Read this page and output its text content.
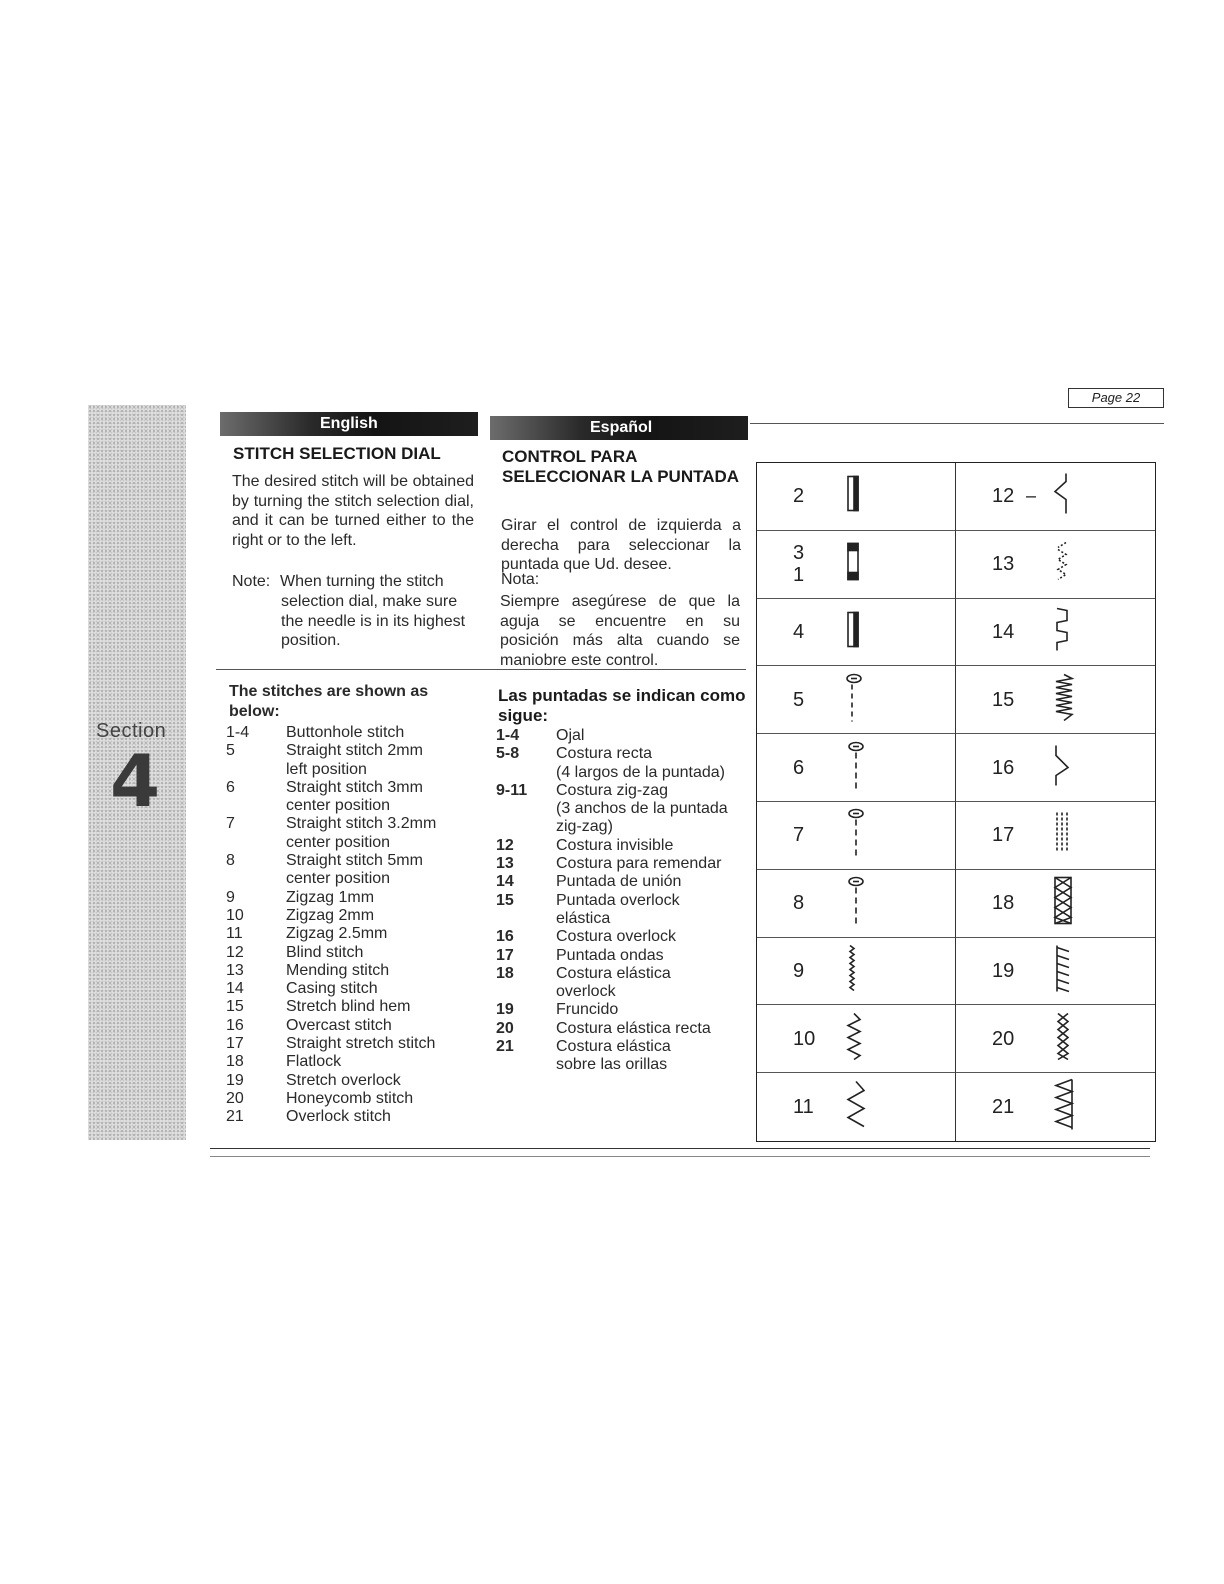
Page 22
Section
4
English	Español
STITCH SELECTION DIAL
The desired stitch will be obtained by turning the stitch selection dial, and it can be turned either to the right or to the left.
Note: When turning the stitch
selection dial, make sure the needle is in its highest position.
CONTROL PARA SELECCIONAR LA PUNTADA
Girar el control de izquierda a derecha para seleccionar la puntada que Ud. desee.
Nota:
Siempre asegúrese de que la aguja se encuentre en su posición más alta cuando se maniobre este control.
The stitches are shown as below:
Las puntadas se indican como sigue:
1-4	Buttonhole stitch
5	Straight stitch 2mm
left position
6	Straight stitch 3mm
center position
7	Straight stitch 3.2mm
center position
8	Straight stitch 5mm
center position
9	Zigzag 1mm
10	Zigzag 2mm
11	Zigzag 2.5mm
12	Blind stitch
13	Mending stitch
14	Casing stitch
15	Stretch blind hem
16	Overcast stitch
17	Straight stretch stitch
18	Flatlock
19	Stretch overlock
20	Honeycomb stitch
21	Overlock stitch
1-4	Ojal
5-8	Costura recta
(4 largos de la puntada)
9-11	Costura zig-zag
(3 anchos de la puntada
zig-zag)
12	Costura invisible
13	Costura para remendar
14	Puntada de unión
15	Puntada overlock
elástica
16	Costura overlock
17	Puntada ondas
18	Costura elástica
overlock
19	Fruncido
20	Costura elástica recta
21	Costura elástica
sobre las orillas
2	12 –
3
1	13
4	14
5	15
6	16
7	17
8	18
9	19
10	20
11	21
